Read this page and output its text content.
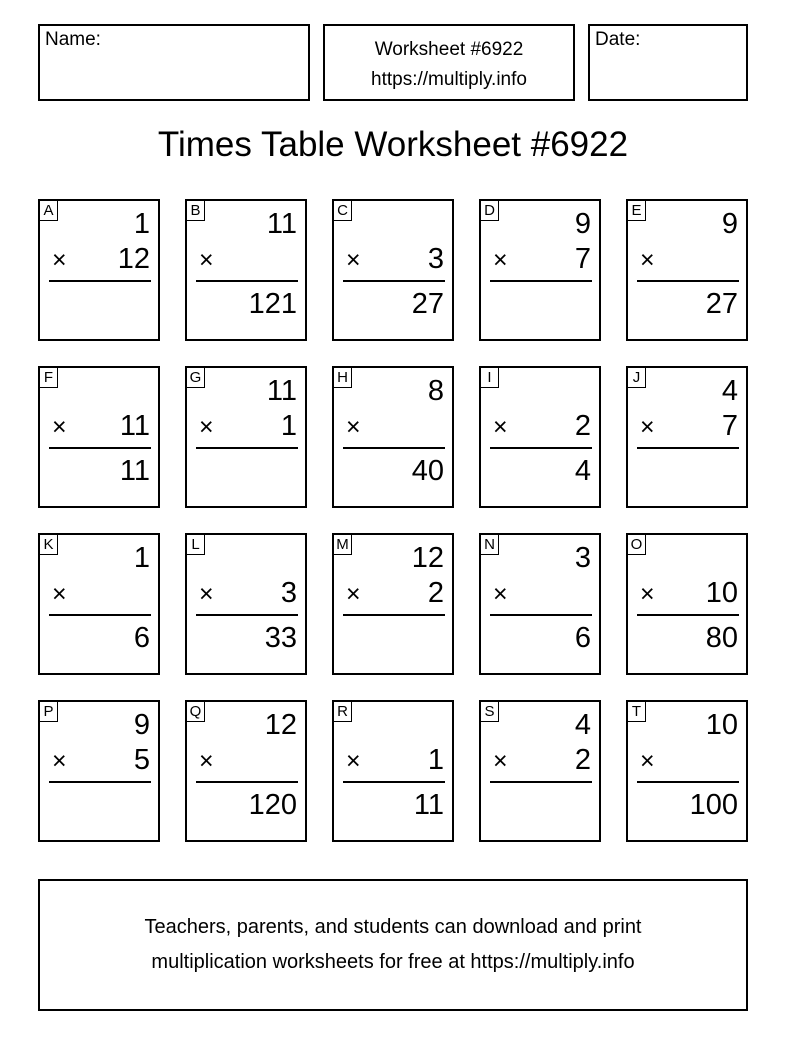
Name:	Worksheet #6922
https://multiply.info
Date:
Times Table Worksheet #6922
A	1
× 12
B 11
×
121
C
× 3
27
D	9
× 7
E	9
×
27
F
× 11
11
G 11
× 1
H	8
×
40
I
× 2
4
J	4
× 7
K	1
×
6
L
× 3
33
M 12
× 2
N	3
×
6
O
× 10
80
P	9
× 5
Q 12
×
120
R
× 1
11
S	4
× 2
T 10
×
100
Teachers, parents, and students can download and print
multiplication worksheets for free at https://multiply.info
